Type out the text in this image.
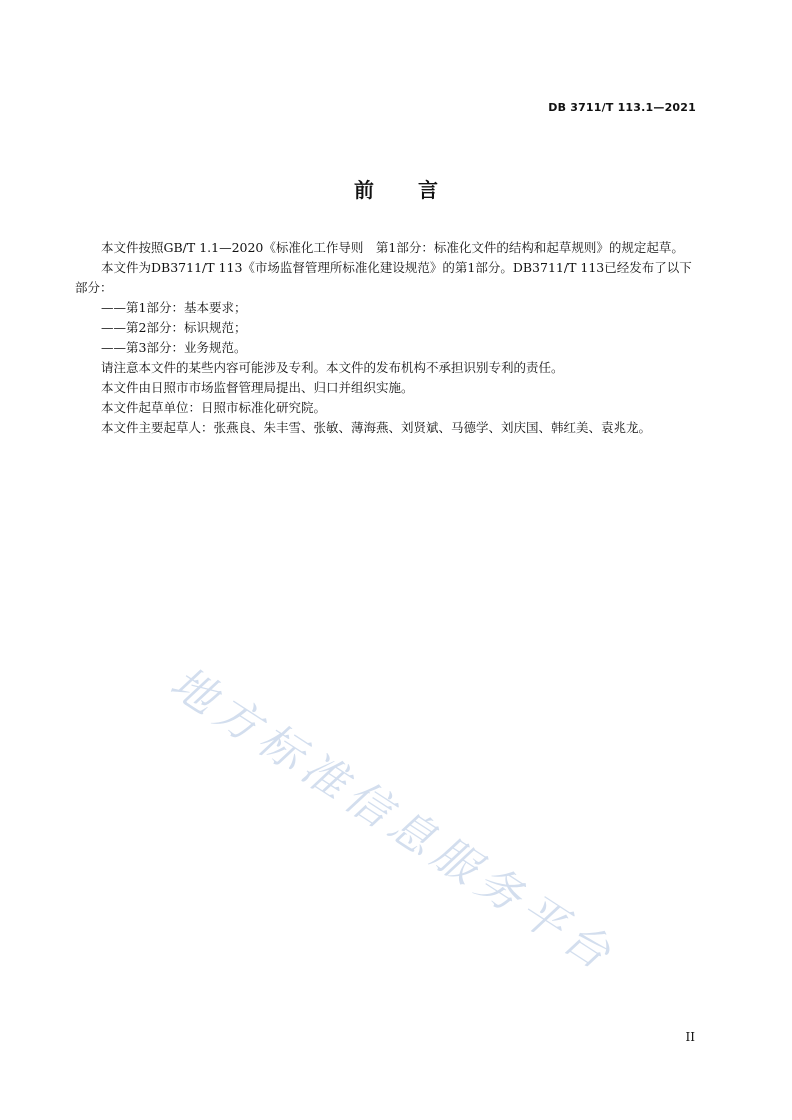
DB 3711/T 113.1—2021
前 言

本文件按照GB/T 1.1—2020《标准化工作导则　第1部分：标准化文件的结构和起草规则》的规定起草。

本文件为DB3711/T 113《市场监督管理所标准化建设规范》的第1部分。DB3711/T 113已经发布了以下部分：

——第1部分：基本要求；

——第2部分：标识规范；

——第3部分：业务规范。

请注意本文件的某些内容可能涉及专利。本文件的发布机构不承担识别专利的责任。

本文件由日照市市场监督管理局提出、归口并组织实施。

本文件起草单位：日照市标准化研究院。

本文件主要起草人：张燕良、朱丰雪、张敏、薄海燕、刘贤斌、马德学、刘庆国、韩红美、袁兆龙。

地方标准信息服务平台
II
